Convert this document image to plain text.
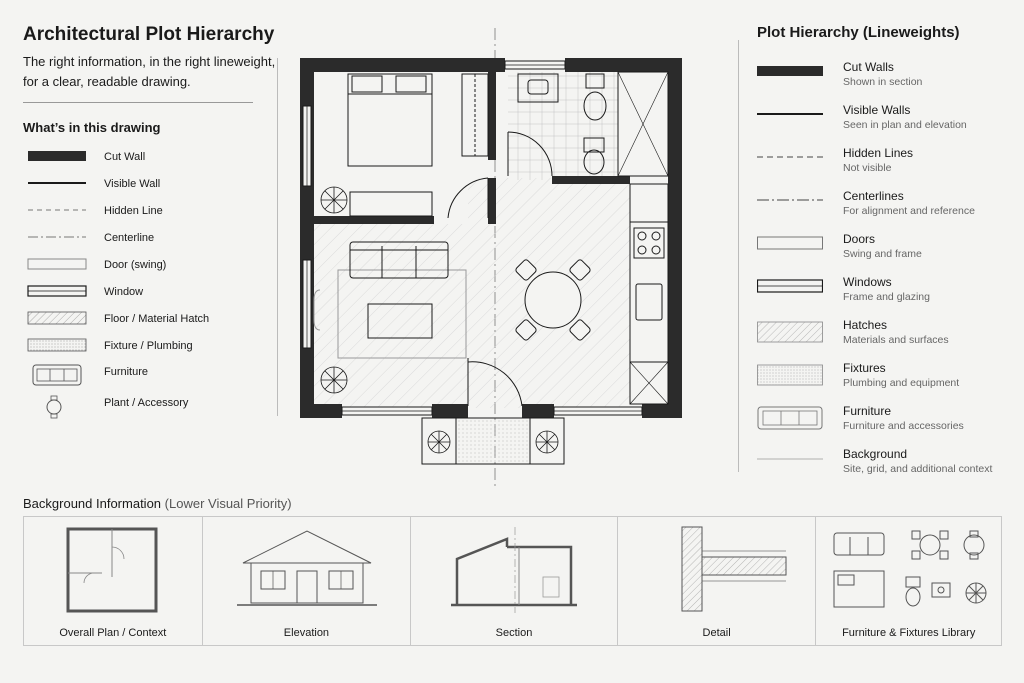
Architectural Plot Hierarchy
The right information, in the right lineweight, for a clear, readable drawing.
What’s in this drawing
Cut Wall
Visible Wall
Hidden Line
Centerline
Door (swing)
Window
Floor / Material Hatch
Fixture / Plumbing
Furniture
Plant / Accessory
Plot Hierarchy (Lineweights)
Cut Walls
Shown in section
Visible Walls
Seen in plan and elevation
Hidden Lines
Not visible
Centerlines
For alignment and reference
Doors
Swing and frame
Windows
Frame and glazing
Hatches
Materials and surfaces
Fixtures
Plumbing and equipment
Furniture
Furniture and accessories
Background
Site, grid, and additional context
Background Information (Lower Visual Priority)
Overall Plan / Context	Elevation	Section	Detail	Furniture & Fixtures Library
